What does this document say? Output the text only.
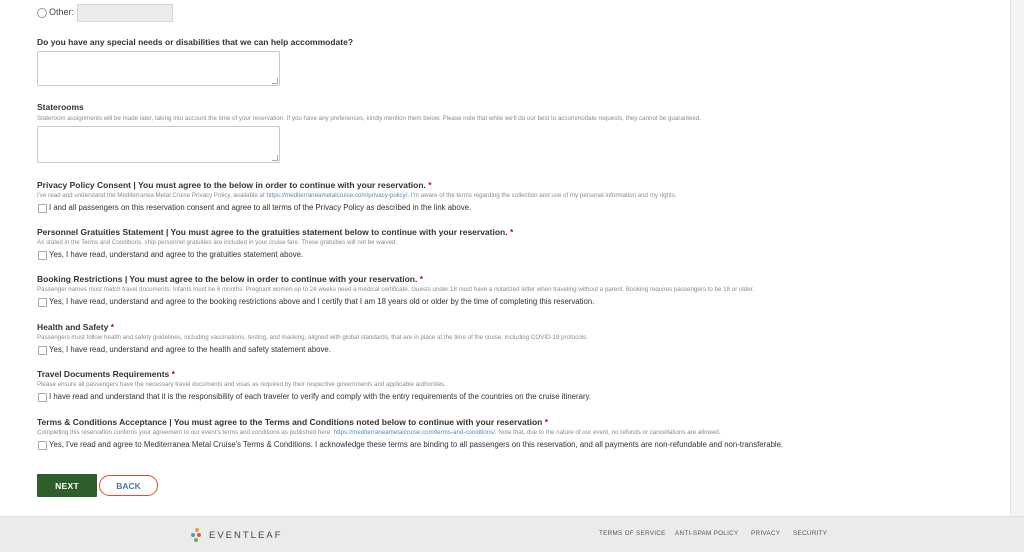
Other:
Do you have any special needs or disabilities that we can help accommodate?
Staterooms
Stateroom assignments will be made later, taking into account the time of your reservation. If you have any preferences, kindly mention them below. Please note that while we'll do our best to accommodate requests, they cannot be guaranteed.
Privacy Policy Consent | You must agree to the below in order to continue with your reservation. *
I've read and understand the Mediterranea Metal Cruise Privacy Policy, available at https://mediterraneametalcruise.com/privacy-policy/. I'm aware of the terms regarding the collection and use of my personal information and my rights.
I and all passengers on this reservation consent and agree to all terms of the Privacy Policy as described in the link above.
Personnel Gratuities Statement | You must agree to the gratuities statement below to continue with your reservation. *
As stated in the Terms and Conditions, ship personnel gratuities are included in your cruise fare. These gratuities will not be waived.
Yes, I have read, understand and agree to the gratuities statement above.
Booking Restrictions | You must agree to the below in order to continue with your reservation. *
Passenger names must match travel documents. Infants must be 6 months. Pregnant women up to 24 weeks need a medical certificate. Guests under 18 must have a notarized letter when traveling without a parent. Booking requires passengers to be 18 or older.
Yes, I have read, understand and agree to the booking restrictions above and I certify that I am 18 years old or older by the time of completing this reservation.
Health and Safety *
Passengers must follow health and safety guidelines, including vaccinations, testing, and masking, aligned with global standards, that are in place at the time of the cruise, including COVID-19 protocols.
Yes, I have read, understand and agree to the health and safety statement above.
Travel Documents Requirements *
Please ensure all passengers have the necessary travel documents and visas as required by their respective governments and applicable authorities.
I have read and understand that it is the responsibility of each traveler to verify and comply with the entry requirements of the countries on the cruise itinerary.
Terms & Conditions Acceptance | You must agree to the Terms and Conditions noted below to continue with your reservation *
Completing this reservation confirms your agreement to our event's terms and conditions as published here: https://mediterraneametalcruise.com/terms-and-conditions/. Note that, due to the nature of our event, no refunds or cancellations are allowed.
Yes, I've read and agree to Mediterranea Metal Cruise's Terms & Conditions. I acknowledge these terms are binding to all passengers on this reservation, and all payments are non-refundable and non-transferable.
NEXT	BACK
EVENTLEAF	TERMS OF SERVICE ANTI-SPAM POLICY PRIVACY SECURITY
